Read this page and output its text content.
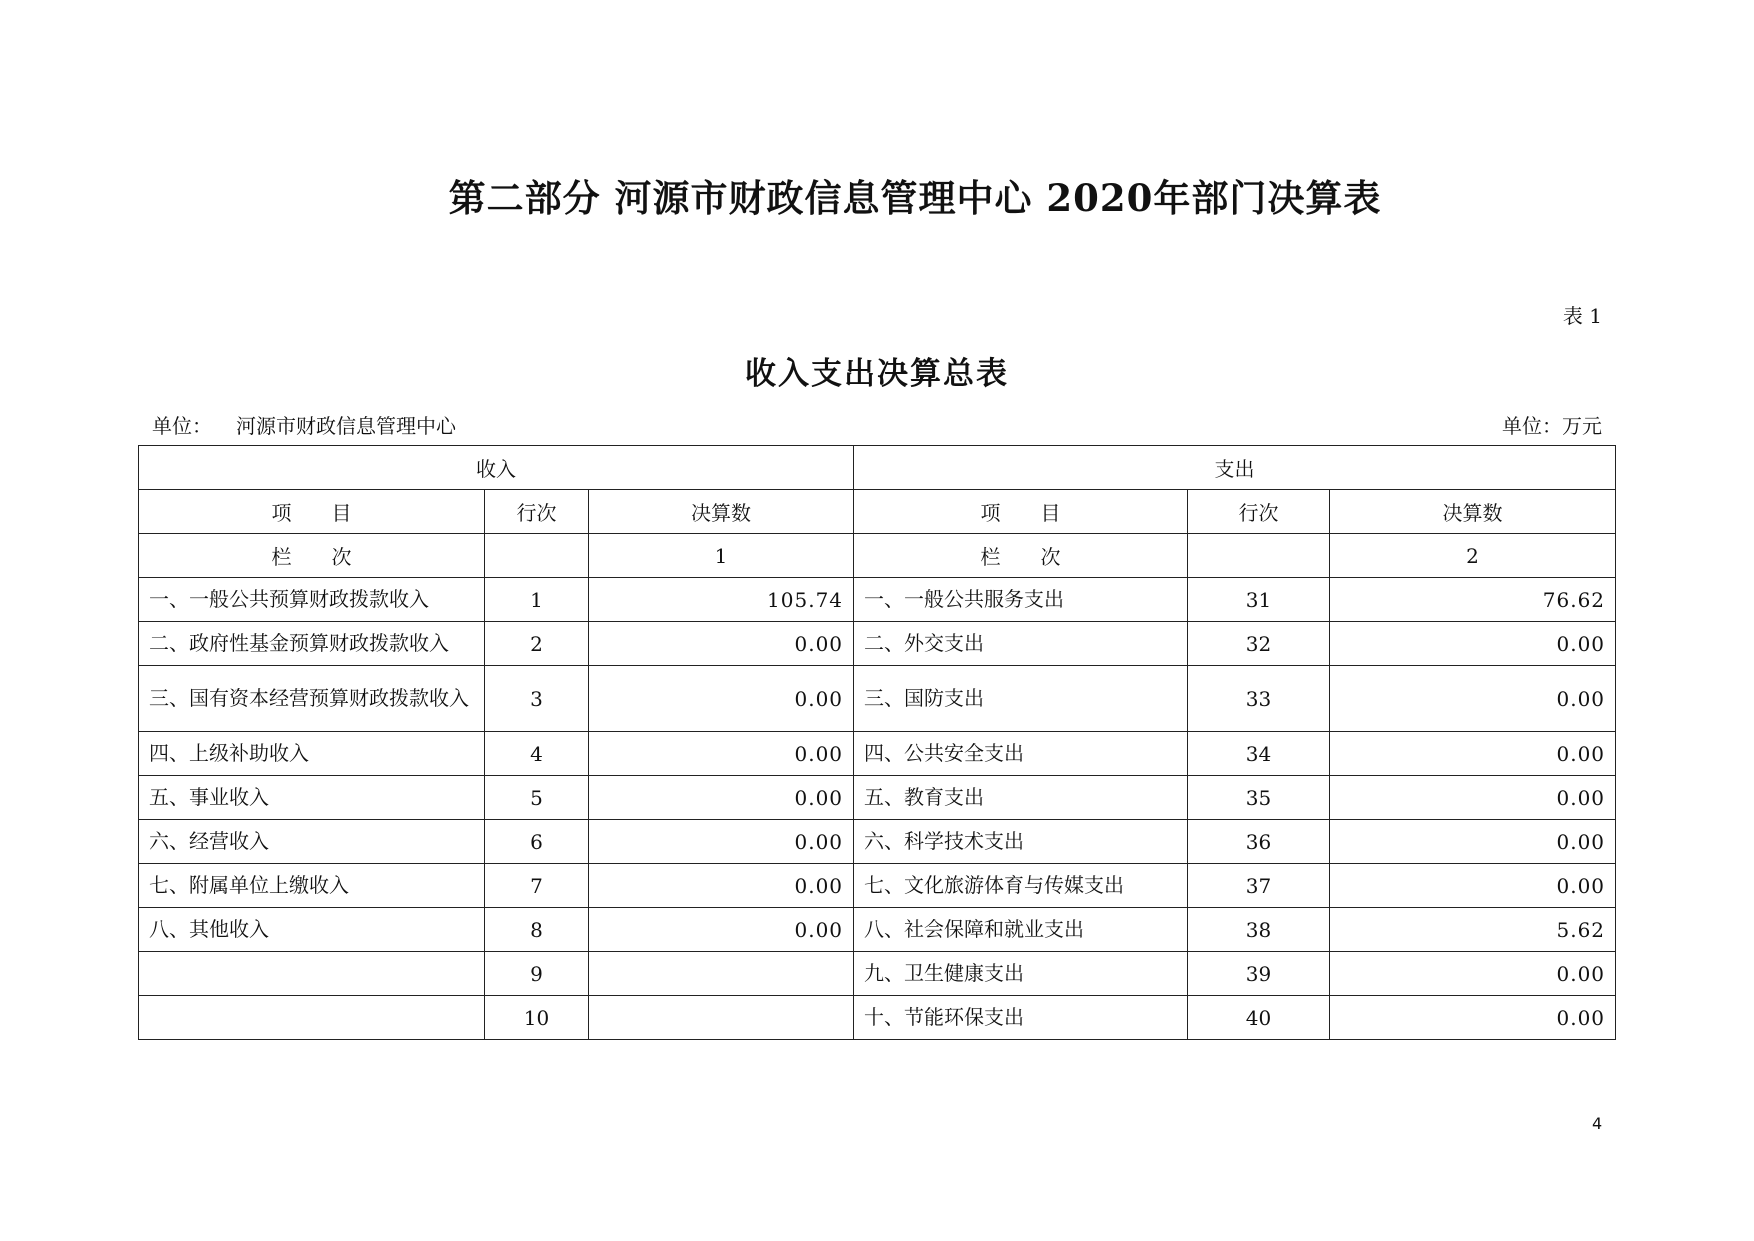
第二部分 河源市财政信息管理中心 2020年部门决算表
表 1
收入支出决算总表
单位： 河源市财政信息管理中心	单位：万元
收入			支出		
项　　目	行次	决算数	项　　目	行次	决算数
栏　　次		1	栏　　次		2
一、一般公共预算财政拨款收入	1	105.74	一、一般公共服务支出	31	76.62
二、政府性基金预算财政拨款收入	2	0.00	二、外交支出	32	0.00
三、国有资本经营预算财政拨款收入	3	0.00	三、国防支出	33	0.00
四、上级补助收入	4	0.00	四、公共安全支出	34	0.00
五、事业收入	5	0.00	五、教育支出	35	0.00
六、经营收入	6	0.00	六、科学技术支出	36	0.00
七、附属单位上缴收入	7	0.00	七、文化旅游体育与传媒支出	37	0.00
八、其他收入	8	0.00	八、社会保障和就业支出	38	5.62
	9		九、卫生健康支出	39	0.00
	10		十、节能环保支出	40	0.00
4
